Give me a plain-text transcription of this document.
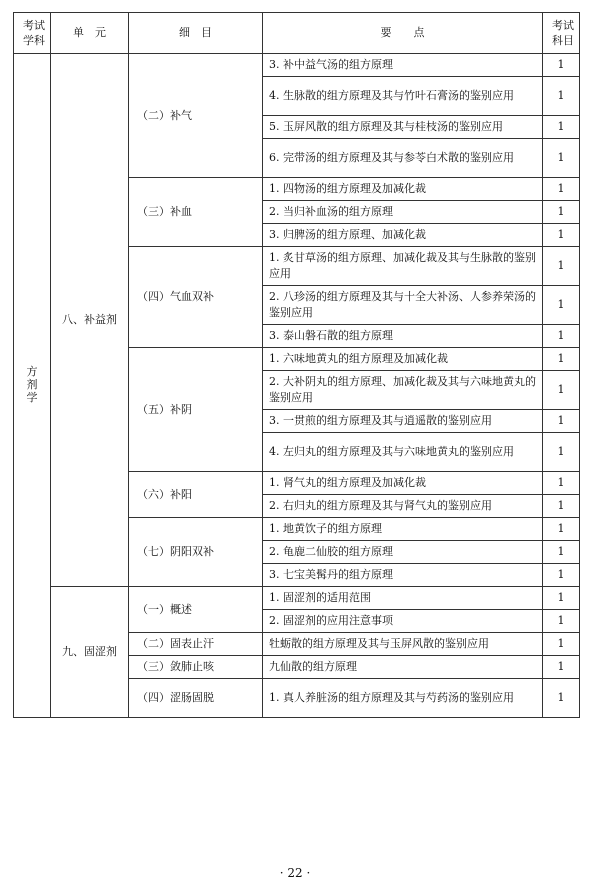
考试学科	单　元	细　目	要　　点	考试科目
方剂学	八、补益剂	（二）补气	3. 补中益气汤的组方原理	1
			4. 生脉散的组方原理及其与竹叶石膏汤的鉴别应用	1
			5. 玉屏风散的组方原理及其与桂枝汤的鉴别应用	1
			6. 完带汤的组方原理及其与参苓白术散的鉴别应用	1
		（三）补血	1. 四物汤的组方原理及加减化裁	1
			2. 当归补血汤的组方原理	1
			3. 归脾汤的组方原理、加减化裁	1
		（四）气血双补	1. 炙甘草汤的组方原理、加减化裁及其与生脉散的鉴别应用	1
			2. 八珍汤的组方原理及其与十全大补汤、人参养荣汤的鉴别应用	1
			3. 泰山磐石散的组方原理	1
		（五）补阴	1. 六味地黄丸的组方原理及加减化裁	1
			2. 大补阴丸的组方原理、加减化裁及其与六味地黄丸的鉴别应用	1
			3. 一贯煎的组方原理及其与逍遥散的鉴别应用	1
			4. 左归丸的组方原理及其与六味地黄丸的鉴别应用	1
		（六）补阳	1. 肾气丸的组方原理及加减化裁	1
			2. 右归丸的组方原理及其与肾气丸的鉴别应用	1
		（七）阴阳双补	1. 地黄饮子的组方原理	1
			2. 龟鹿二仙胶的组方原理	1
			3. 七宝美髯丹的组方原理	1
	九、固涩剂	（一）概述	1. 固涩剂的适用范围	1
			2. 固涩剂的应用注意事项	1
		（二）固表止汗	牡蛎散的组方原理及其与玉屏风散的鉴别应用	1
		（三）敛肺止咳	九仙散的组方原理	1
		（四）涩肠固脱	1. 真人养脏汤的组方原理及其与芍药汤的鉴别应用	1
· 22 ·
